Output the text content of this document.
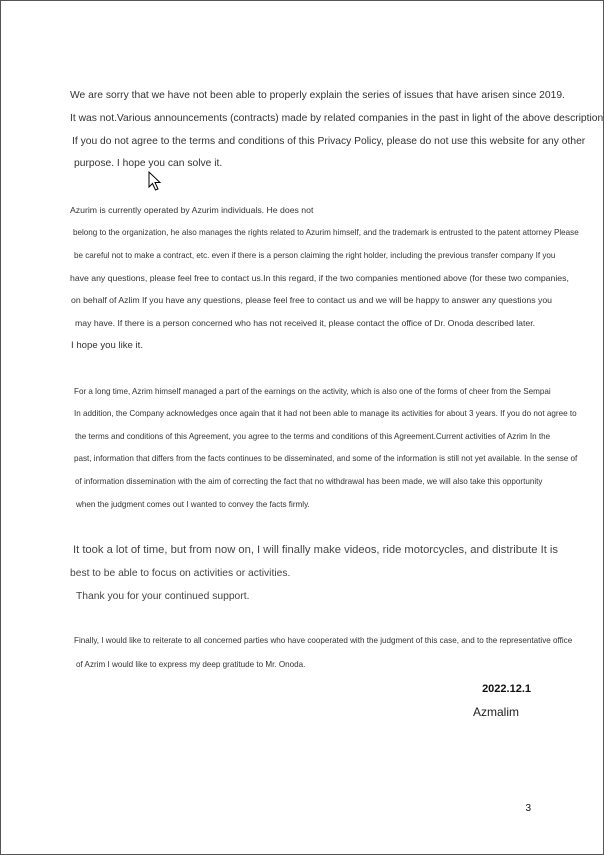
We are sorry that we have not been able to properly explain the series of issues that have arisen since 2019.
It was not.Various announcements (contracts) made by related companies in the past in light of the above description
If you do not agree to the terms and conditions of this Privacy Policy, please do not use this website for any other
purpose. I hope you can solve it.
Azurim is currently operated by Azurim individuals. He does not
belong to the organization, he also manages the rights related to Azurim himself, and the trademark is entrusted to the patent attorney Please
be careful not to make a contract, etc. even if there is a person claiming the right holder, including the previous transfer company If you
have any questions, please feel free to contact us.In this regard, if the two companies mentioned above (for these two companies,
on behalf of Azlim If you have any questions, please feel free to contact us and we will be happy to answer any questions you
may have. If there is a person concerned who has not received it, please contact the office of Dr. Onoda described later.
I hope you like it.
For a long time, Azrim himself managed a part of the earnings on the activity, which is also one of the forms of cheer from the Sempai
In addition, the Company acknowledges once again that it had not been able to manage its activities for about 3 years. If you do not agree to
the terms and conditions of this Agreement, you agree to the terms and conditions of this Agreement.Current activities of Azrim In the
past, information that differs from the facts continues to be disseminated, and some of the information is still not yet available. In the sense of
of information dissemination with the aim of correcting the fact that no withdrawal has been made, we will also take this opportunity
when the judgment comes out I wanted to convey the facts firmly.
It took a lot of time, but from now on, I will finally make videos, ride motorcycles, and distribute It is
best to be able to focus on activities or activities.
Thank you for your continued support.
Finally, I would like to reiterate to all concerned parties who have cooperated with the judgment of this case, and to the representative office
of Azrim I would like to express my deep gratitude to Mr. Onoda.
2022.12.1
Azmalim
3
